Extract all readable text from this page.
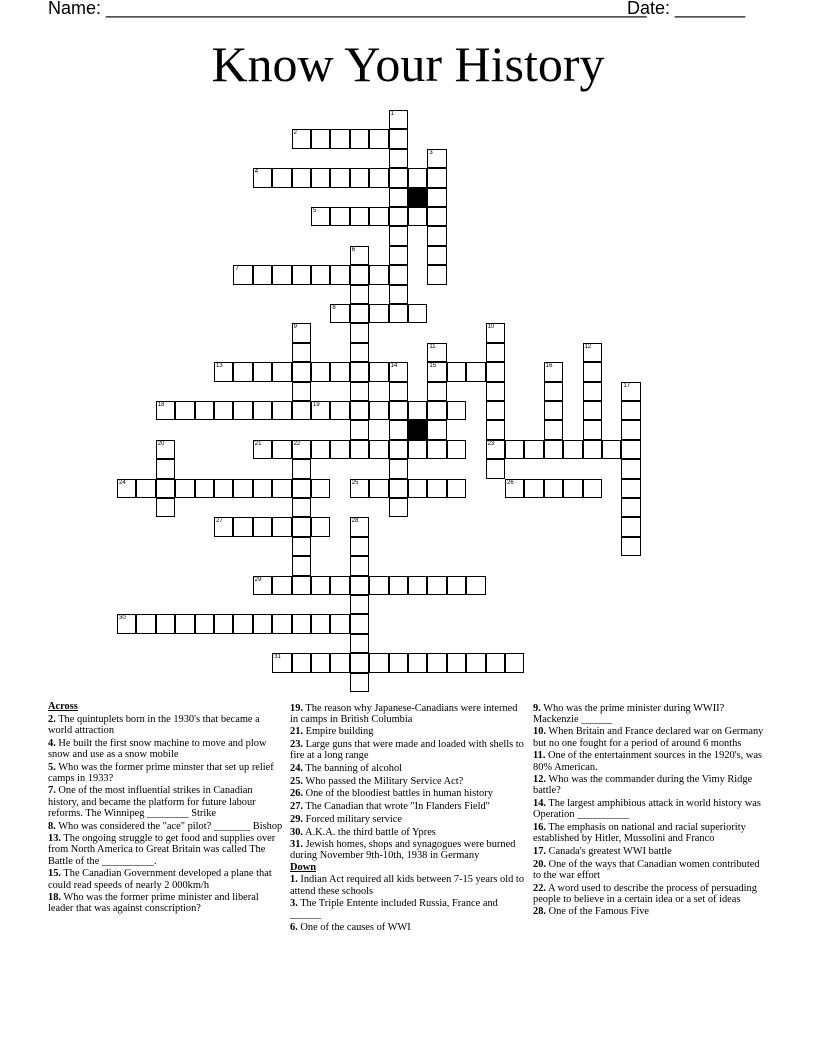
Name: ______________________________________________________
Date: _______
Know Your History
1
2
3
4
5
6
7
8
9	10
23
11
15
12
13	14	16
17
18	19
20	21	22
24	25	26
27	28
29
30
31
Across
2. The quintuplets born in the 1930's that became a world attraction
4. He built the first snow machine to move and plow snow and use as a snow mobile
5. Who was the former prime minster that set up relief camps in 1933?
7. One of the most influential strikes in Canadian history, and became the platform for future labour reforms. The Winnipeg ________ Strike
8. Who was considered the "ace" pilot? _______ Bishop
13. The ongoing struggle to get food and supplies over from North America to Great Britain was called The Battle of the __________.
15. The Canadian Government developed a plane that could read speeds of nearly 2 000km/h
18. Who was the former prime minister and liberal leader that was against conscription?
19. The reason why Japanese-Canadians were interned in camps in British Columbia
21. Empire building
23. Large guns that were made and loaded with shells to fire at a long range
24. The banning of alcohol
25. Who passed the Military Service Act?
26. One of the bloodiest battles in human history
27. The Canadian that wrote "In Flanders Field"
29. Forced military service
30. A.K.A. the third battle of Ypres
31. Jewish homes, shops and synagogues were burned during November 9th-10th, 1938 in Germany
Down
1. Indian Act required all kids between 7-15 years old to attend these schools
3. The Triple Entente included Russia, France and ______
6. One of the causes of WWI
9. Who was the prime minister during WWII? Mackenzie ______
10. When Britain and France declared war on Germany but no one fought for a period of around 6 months
11. One of the entertainment sources in the 1920's, was 80% American.
12. Who was the commander during the Vimy Ridge battle?
14. The largest amphibious attack in world history was Operation __________
16. The emphasis on national and racial superiority established by Hitler, Mussolini and Franco
17. Canada's greatest WWI battle
20. One of the ways that Canadian women contributed to the war effort
22. A word used to describe the process of persuading people to believe in a certain idea or a set of ideas
28. One of the Famous Five
